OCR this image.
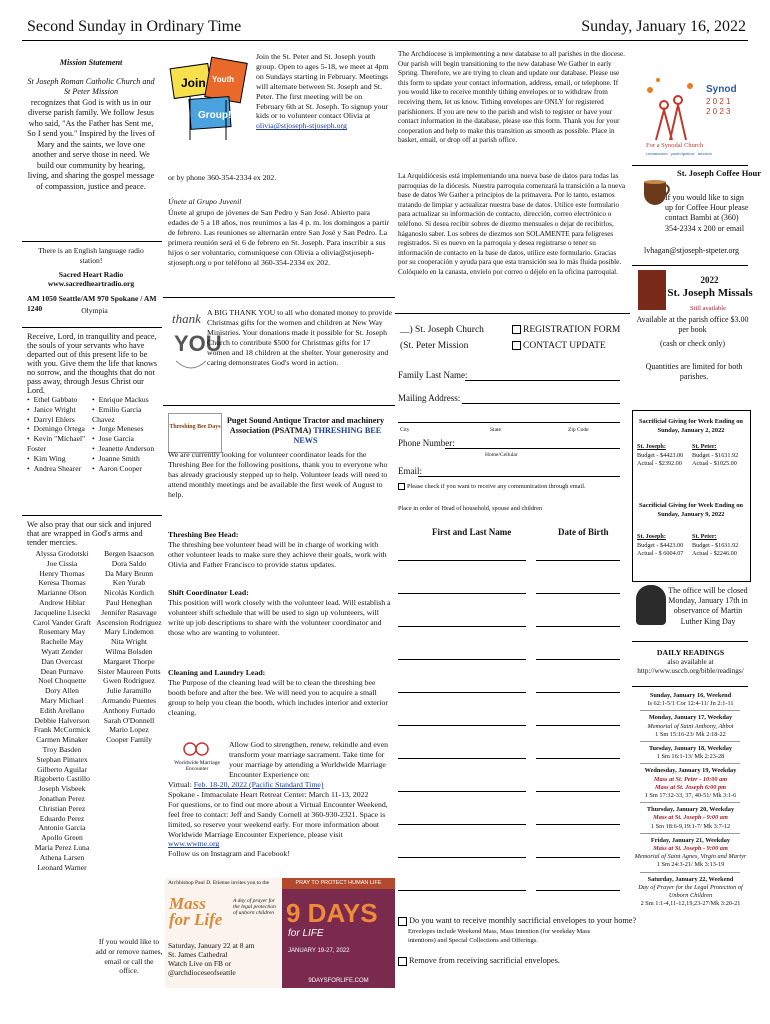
Second Sunday in Ordinary Time	Sunday, January 16, 2022
Mission Statement
St Joseph Roman Catholic Church and St Peter Mission
recognizes that God is with us in our diverse parish family. We follow Jesus who said, "As the Father has Sent me, So I send you." Inspired by the lives of Mary and the saints, we love one another and serve those in need. We build our community by hearing, living, and sharing the gospel message of compassion, justice and peace.
There is an English language radio station!
Sacred Heart Radio
www.sacredheartradio.org
AM 1050 Seattle/AM 970 Spokane / AM 1240	Olympia
Receive, Lord, in tranquility and peace, the souls of your servants who have departed out of this present life to be with you. Give them the life that knows no sorrow, and the thoughts that do not pass away, through Jesus Christ our Lord.
• Ethel Gabbato
• Janice Wright
• Darryl Ehlers
• Domingo Ortega
• Kevin "Michael" Foster
• Kim Wing
• Andrea Shearer
• Enrique Mackus
• Emilio Garcia Chavez
• Jorge Meneses
• Jose Garcia
• Jeanette Anderson
• Joanne Smith
• Aaron Cooper
We also pray that our sick and injured that are wrapped in God's arms and tender mercies.
Alyssa Grodotski
Joe Cissia
Henry Thomas
Keresa Thomas
Marianne Olson
Andrew Hiblar
Jacqueline Lisecki
Carol Vander Graft
Rosemary May
Rachelle May
Wyatt Zender
Dan Overcast
Dean Purnave
Noel Choquette
Dory Allen
Mary Michael
Edith Arellano
Debbie Halverson
Frank McCormick
Carmen Minaker
Troy Basden
Stephan Pimatex
Gilberto Aguilar
Rigoberto Castillo
Joseph Visbeek
Jonathan Perez
Christian Perez
Eduardo Perez
Antonio Garcia
Apollo Green
Maria Perez Luna
Athena Larsen
Leonard Warner
Bergen Isaacson
Dora Saldo
Da Mary Brunn
Ken Yurab
Nicolás Kordich
Paul Heneghan
Jennifer Rasavage
Ascension Rodriguez
Mary Lindemon
Nita Wright
Wilma Bolsden
Margaret Thorpe
Sister Maureen Potts
Gwen Rodriguez
Julie Jaramillo
Armando Puentes
Anthony Furtado
Sarah O'Donnell
Mario Lopez
Cooper Family
If you would like to add or remove names, email or call the office.
Join Youth
Group!
Join the St. Peter and St. Joseph youth group. Open to ages 5-18, we meet at 4pm on Sundays starting in February. Meetings will alternate between St. Joseph and St. Peter. The first meeting will be on February 6th at St. Joseph. To signup your kids or to volunteer contact Olivia at olivia@stjoseph-stjoseph.org
or by phone 360-354-2334 ex 202.
Únete al Grupo Juvenil
Únete al grupo de jóvenes de San Pedro y San José. Abierto para edades de 5 a 18 años, nos reunimos a las 4 p. m. los domingos a partir de febrero. Las reuniones se alternarán entre San José y San Pedro. La primera reunión será el 6 de febrero en St. Joseph. Para inscribir a sus hijos o ser voluntario, comuníquese con Olivia a olivia@stjoseph-stjoseph.org o por teléfono al 360-354-2334 ex 202.
thank
YOU
A BIG THANK YOU to all who donated money to provide Christmas gifts for the women and children at New Way Ministries. Your donations made it possible for St. Joseph Church to contribute $500 for Christmas gifts for 17 women and 18 children at the shelter. Your generosity and caring demonstrates God's word in action.
Threshing Bee Days
Puget Sound Antique Tractor and machinery Association (PSATMA) THRESHING BEE NEWS
We are currently looking for volunteer coordinator leads for the Threshing Bee for the following positions, thank you to everyone who has already graciously stepped up to help. Volunteer leads will need to attend monthly meetings and be available the first week of August to help.
Threshing Bee Head:
The threshing bee volunteer head will be in charge of working with other volunteer leads to make sure they achieve their goals, work with Olivia and Father Francisco to provide status updates.
Shift Coordinator Lead:
This position will work closely with the volunteer lead. Will establish a volunteer shift schedule that will be used to sign up volunteers, will write up job descriptions to share with the volunteer coordinator and those who are wanting to volunteer.
Cleaning and Laundry Lead:
The Purpose of the cleaning lead will be to clean the threshing bee booth before and after the bee. We will need you to acquire a small group to help you clean the booth, which includes interior and exterior cleaning.
Worldwide Marriage Encounter
Allow God to strengthen, renew, rekindle and even transform your marriage sacrament. Take time for your marriage by attending a Worldwide Marriage Encounter Experience on:
Virtual: Feb. 18-20, 2022 (Pacific Standard Time)
Spokane - Immaculate Heart Retreat Center: March 11-13, 2022
For questions, or to find out more about a Virtual Encounter Weekend, feel free to contact: Jeff and Sandy Cornell at 360-930-2321. Space is limited, so reserve your weekend early. For more information about Worldwide Marriage Encounter Experience, please visit www.wwme.org
Follow us on Instagram and Facebook!
Archbishop Paul D. Etienne invites you to the
Mass for Life
A day of prayer for the legal protection of unborn children
Saturday, January 22 at 8 am
St. James Cathedral
Watch Live on FB or @archdioceseofseattle
PRAY TO PROTECT HUMAN LIFE
9 DAYS
for LIFE
JANUARY 19-27, 2022
9DAYSFORLIFE.COM
The Archdiocese is implementing a new database to all parishes in the diocese. Our parish will begin transitioning to the new database We Gather in early Spring. Therefore, we are trying to clean and update our database. Please use this form to update your contact information, address, email, or telephone. If you would like to receive monthly tithing envelopes or to withdraw from receiving them, let us know. Tithing envelopes are ONLY for registered parishioners. If you are new to the parish and wish to register or have your contact information in the database, please use this form. Thank you for your cooperation and help to make this transition as smooth as possible. Place in basket, email, or drop off at parish office.
La Arquidiócesis está implementando una nueva base de datos para todas las parroquias de la diócesis. Nuestra parroquia comenzará la transición a la nueva base de datos We Gather a principios de la primavera. Por lo tanto, estamos tratando de limpiar y actualizar nuestra base de datos. Utilice este formulario para actualizar su información de contacto, dirección, correo electrónico o teléfono. Si desea recibir sobres de diezmo mensuales o dejar de recibirlos, háganoslo saber. Los sobres de diezmos son SOLAMENTE para feligreses registrados. Si es nuevo en la parroquia y desea registrarse o tener su información de contacto en la base de datos, utilice este formulario. Gracias por su cooperación y ayuda para que esta transición sea lo más fluida posible. Colóquelo en la canasta, envíelo por correo o déjelo en la oficina parroquial.
__) St. Joseph Church
(St. Peter Mission
REGISTRATION FORM
CONTACT UPDATE
Family Last Name:
Mailing Address:
City	State	Zip Code
Phone Number:
Home/Cellular
Email:
Please check if you want to receive any communication through email.
Place in order of Head of household, spouse and children
First and Last Name	Date of Birth
Do you want to receive monthly sacrificial envelopes to your home?
Envelopes include Weekend Mass, Mass Intention (for weekday Mass intentions) and Special Collections and Offerings.
Remove from receiving sacrificial envelopes.
Synod
2 0 2 1
2 0 2 3
For a Synodal Church
communion · participation · mission
St. Joseph Coffee Hour
If you would like to sign up for Coffee Hour please contact Bambi at (360) 354-2334 x 200 or email
lvhagan@stjoseph-stpeter.org
2022
St. Joseph Missals
Still available
Available at the parish office $3.00 per book
(cash or check only)
Quantities are limited for both parishes.
Sacrificial Giving for Week Ending on Sunday, January 2, 2022
St. Joseph:
Budget - $4423.00
Actual - $2392.00
St. Peter:
Budget - $1631.92
Actual - $1025.00
Sacrificial Giving for Week Ending on Sunday, January 9, 2022
St. Joseph:
Budget - $4423.00
Actual - $ 6004.07
St. Peter:
Budget - $1631.92
Actual - $2246.00
The office will be closed Monday, January 17th in observance of Martin Luther King Day
DAILY READINGS
also available at http://www.usccb.org/bible/readings/
Sunday, January 16, Weekend
Is 62:1-5/1 Cor 12:4-11/ Jn 2:1-11
Monday, January 17, Weekday
Memorial of Saint Anthony, Abbot
1 Sm 15:16-23/ Mk 2:18-22
Tuesday, January 18, Weekday
1 Sm 16:1-13/ Mk 2:23-28
Wednesday, January 19, Weekday
Mass at St. Peter - 10:00 am
Mass at St. Joseph 6:00 pm
1 Sm 17:32-33, 37, 40-51/ Mk 3:1-6
Thursday, January 20, Weekday
Mass at St. Joseph - 9:00 am
1 Sm 18:6-9,19:1-7/ Mk 3:7-12
Friday, January 21, Weekday
Mass at St. Joseph - 9:00 am
Memorial of Saint Agnes, Virgin and Martyr
1 Sm 24:3-21/ Mk 3:13-19
Saturday, January 22, Weekend
Day of Prayer for the Legal Protection of Unborn Children
2 Sm 1:1-4,11-12,19,23-27/Mk 3:20-21
